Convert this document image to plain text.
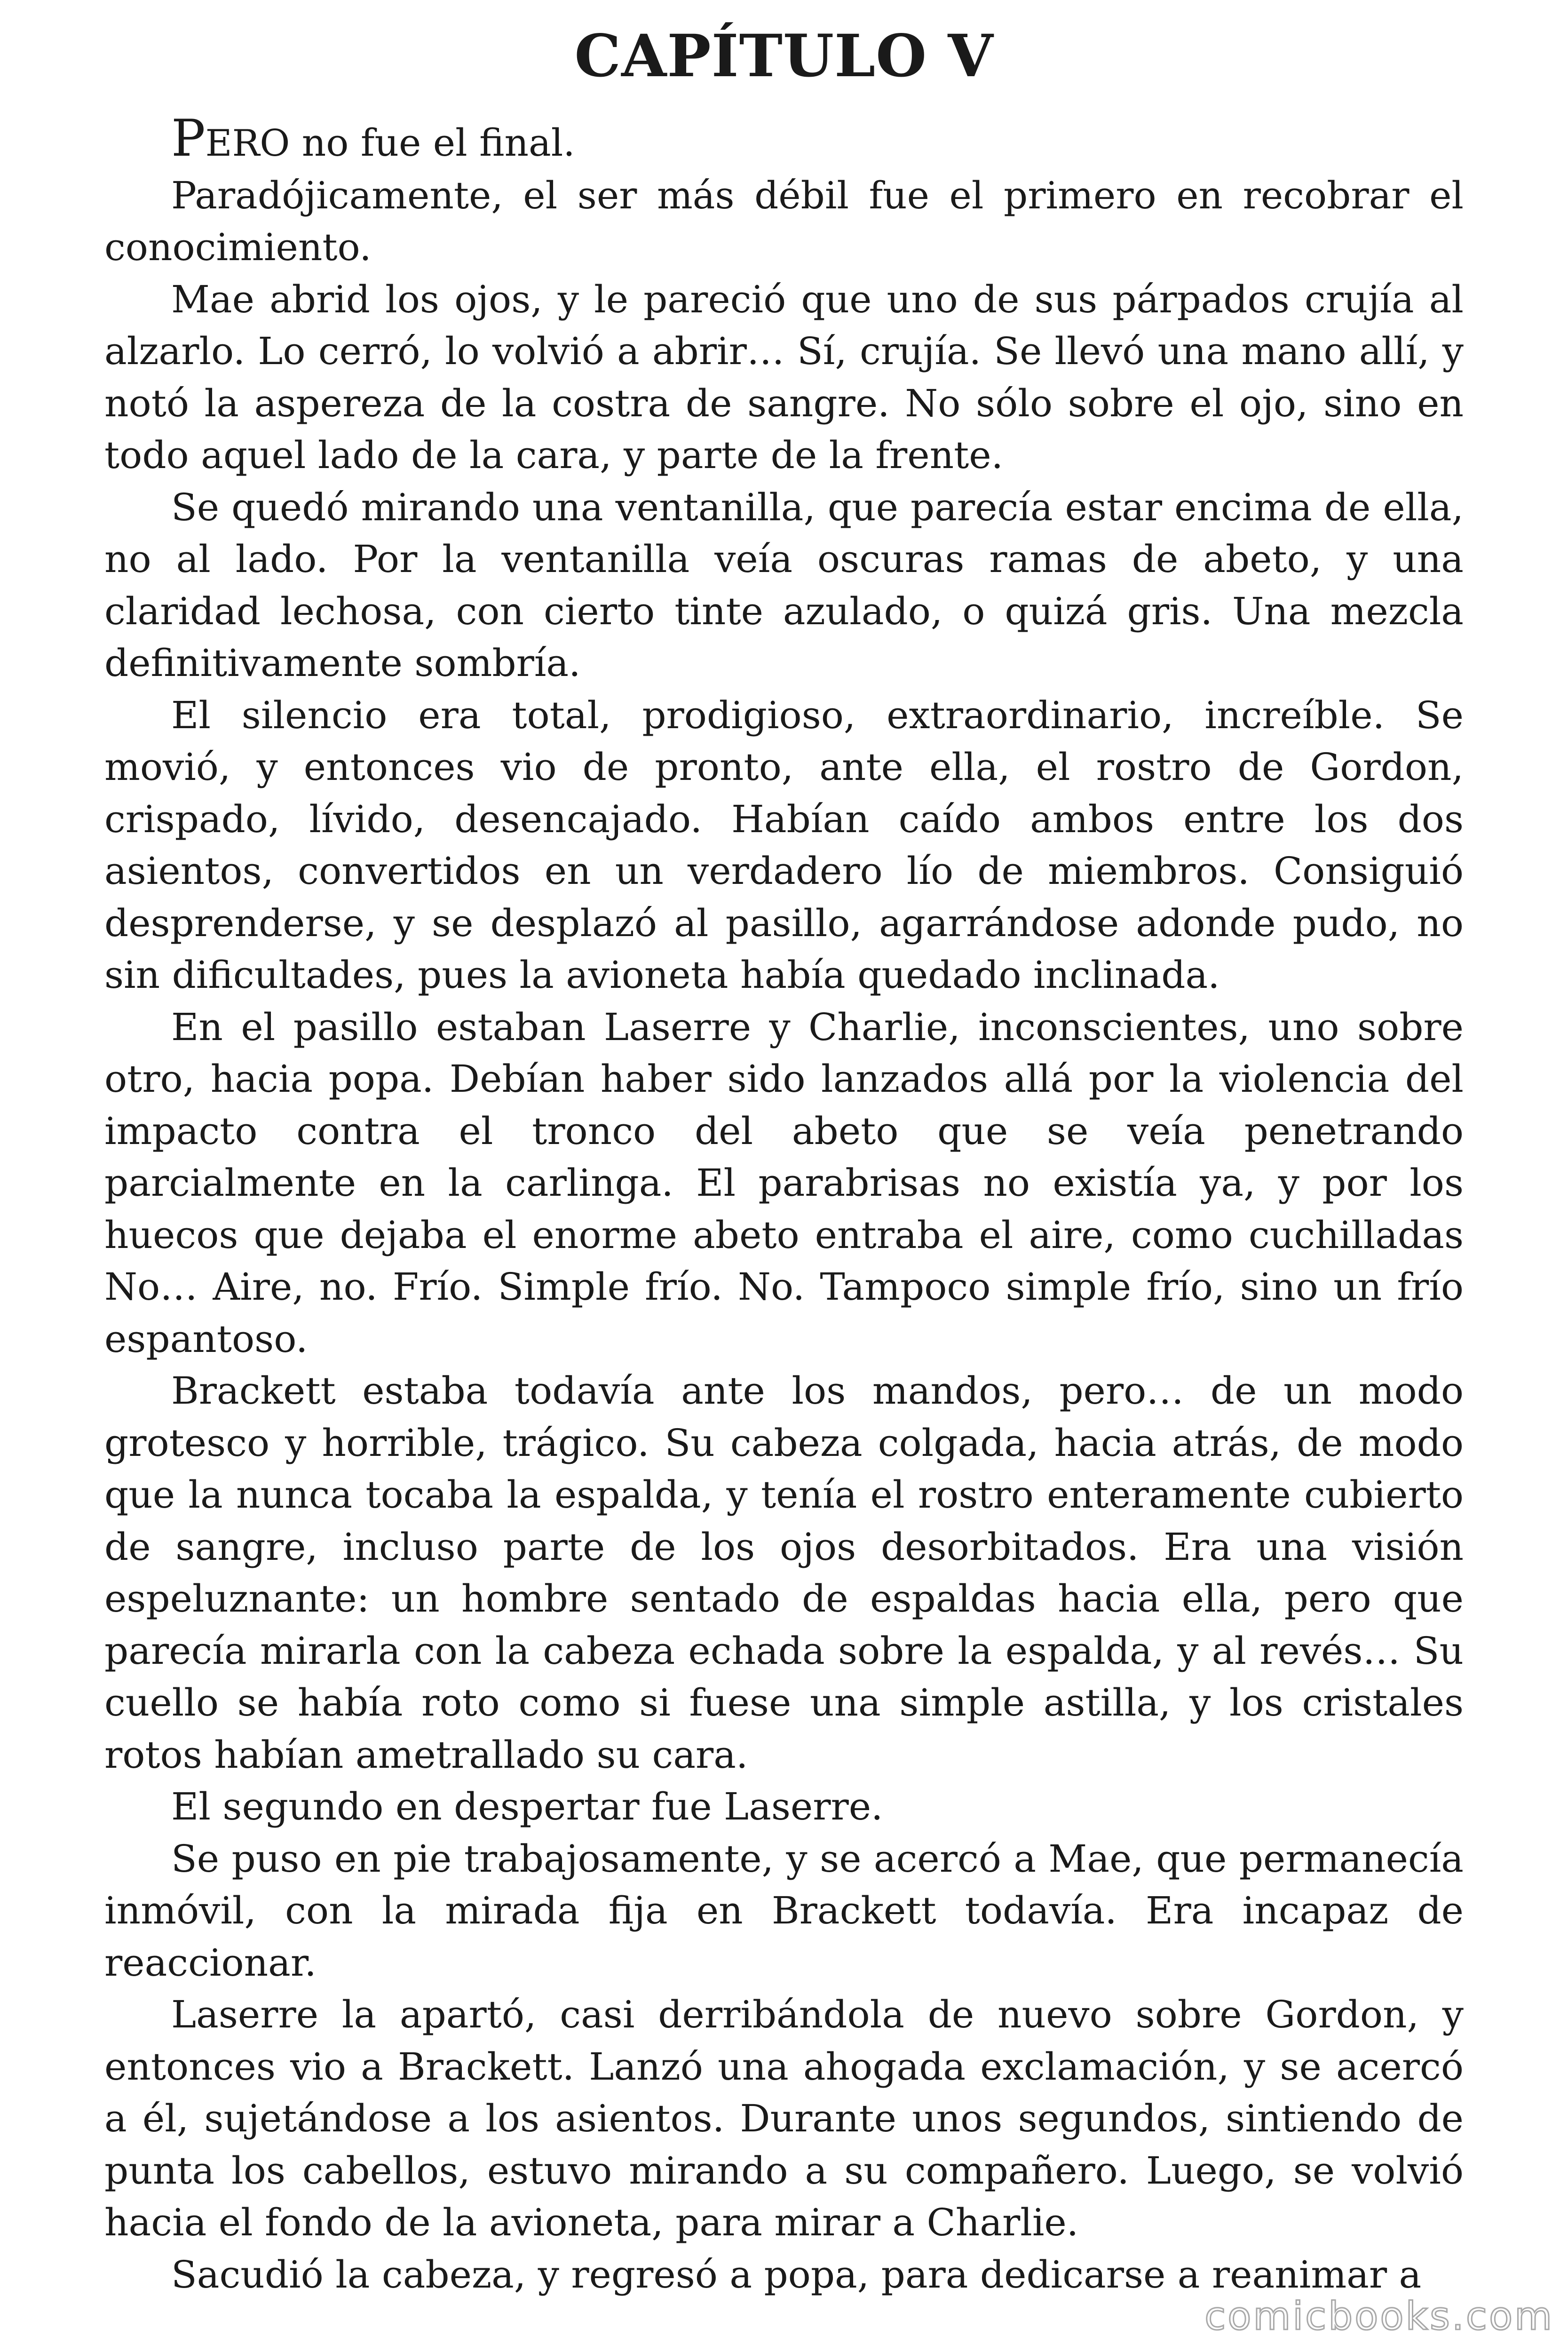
CAPÍTULO V

PERO no fue el final.

Paradójicamente, el ser más débil fue el primero en recobrar el conocimiento.

Mae abrid los ojos, y le pareció que uno de sus párpados crujía al alzarlo. Lo cerró, lo volvió a abrir… Sí, crujía. Se llevó una mano allí, y notó la aspereza de la costra de sangre. No sólo sobre el ojo, sino en todo aquel lado de la cara, y parte de la frente.

Se quedó mirando una ventanilla, que parecía estar encima de ella, no al lado. Por la ventanilla veía oscuras ramas de abeto, y una claridad lechosa, con cierto tinte azulado, o quizá gris. Una mezcla definitivamente sombría.

El silencio era total, prodigioso, extraordinario, increíble. Se movió, y entonces vio de pronto, ante ella, el rostro de Gordon, crispado, lívido, desencajado. Habían caído ambos entre los dos asientos, convertidos en un verdadero lío de miembros. Consiguió desprenderse, y se desplazó al pasillo, agarrándose adonde pudo, no sin dificultades, pues la avioneta había quedado inclinada.

En el pasillo estaban Laserre y Charlie, inconscientes, uno sobre otro, hacia popa. Debían haber sido lanzados allá por la violencia del impacto contra el tronco del abeto que se veía penetrando parcialmente en la carlinga. El parabrisas no existía ya, y por los huecos que dejaba el enorme abeto entraba el aire, como cuchilladas No… Aire, no. Frío. Simple frío. No. Tampoco simple frío, sino un frío espantoso.

Brackett estaba todavía ante los mandos, pero… de un modo grotesco y horrible, trágico. Su cabeza colgada, hacia atrás, de modo que la nunca tocaba la espalda, y tenía el rostro enteramente cubierto de sangre, incluso parte de los ojos desorbitados. Era una visión espeluznante: un hombre sentado de espaldas hacia ella, pero que parecía mirarla con la cabeza echada sobre la espalda, y al revés… Su cuello se había roto como si fuese una simple astilla, y los cristales rotos habían ametrallado su cara.

El segundo en despertar fue Laserre.

Se puso en pie trabajosamente, y se acercó a Mae, que permanecía inmóvil, con la mirada fija en Brackett todavía. Era incapaz de reaccionar.

Laserre la apartó, casi derribándola de nuevo sobre Gordon, y entonces vio a Brackett. Lanzó una ahogada exclamación, y se acercó a él, sujetándose a los asientos. Durante unos segundos, sintiendo de punta los cabellos, estuvo mirando a su compañero. Luego, se volvió hacia el fondo de la avioneta, para mirar a Charlie.

Sacudió la cabeza, y regresó a popa, para dedicarse a reanimar a

comicbooks.com
